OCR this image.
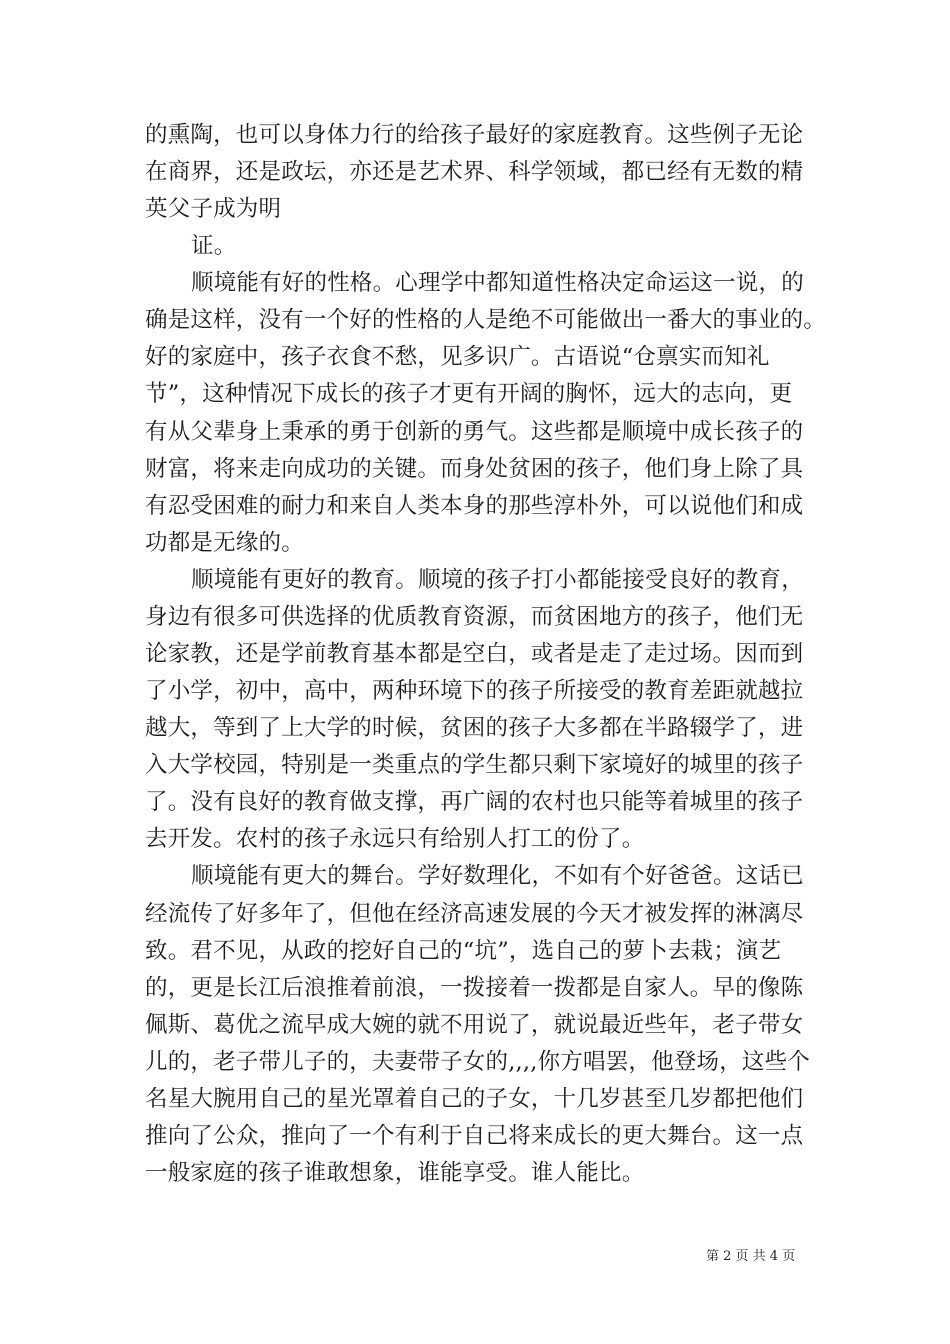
的熏陶，也可以身体力行的给孩子最好的家庭教育。这些例子无论
在商界，还是政坛，亦还是艺术界、科学领域，都已经有无数的精
英父子成为明
证。
顺境能有好的性格。心理学中都知道性格决定命运这一说，的
确是这样，没有一个好的性格的人是绝不可能做出一番大的事业的。
好的家庭中，孩子衣食不愁，见多识广。古语说“仓禀实而知礼
节”，这种情况下成长的孩子才更有开阔的胸怀，远大的志向，更
有从父辈身上秉承的勇于创新的勇气。这些都是顺境中成长孩子的
财富，将来走向成功的关键。而身处贫困的孩子，他们身上除了具
有忍受困难的耐力和来自人类本身的那些淳朴外，可以说他们和成
功都是无缘的。
顺境能有更好的教育。顺境的孩子打小都能接受良好的教育，
身边有很多可供选择的优质教育资源，而贫困地方的孩子，他们无
论家教，还是学前教育基本都是空白，或者是走了走过场。因而到
了小学，初中，高中，两种环境下的孩子所接受的教育差距就越拉
越大，等到了上大学的时候，贫困的孩子大多都在半路辍学了，进
入大学校园，特别是一类重点的学生都只剩下家境好的城里的孩子
了。没有良好的教育做支撑，再广阔的农村也只能等着城里的孩子
去开发。农村的孩子永远只有给别人打工的份了。
顺境能有更大的舞台。学好数理化，不如有个好爸爸。这话已
经流传了好多年了，但他在经济高速发展的今天才被发挥的淋漓尽
致。君不见，从政的挖好自己的“坑”，选自己的萝卜去栽；演艺
的，更是长江后浪推着前浪，一拨接着一拨都是自家人。早的像陈
佩斯、葛优之流早成大婉的就不用说了，就说最近些年，老子带女
儿的，老子带儿子的，夫妻带子女的,,,,你方唱罢，他登场，这些个
名星大腕用自己的星光罩着自己的子女，十几岁甚至几岁都把他们
推向了公众，推向了一个有利于自己将来成长的更大舞台。这一点
一般家庭的孩子谁敢想象，谁能享受。谁人能比。
第 2 页 共 4 页
